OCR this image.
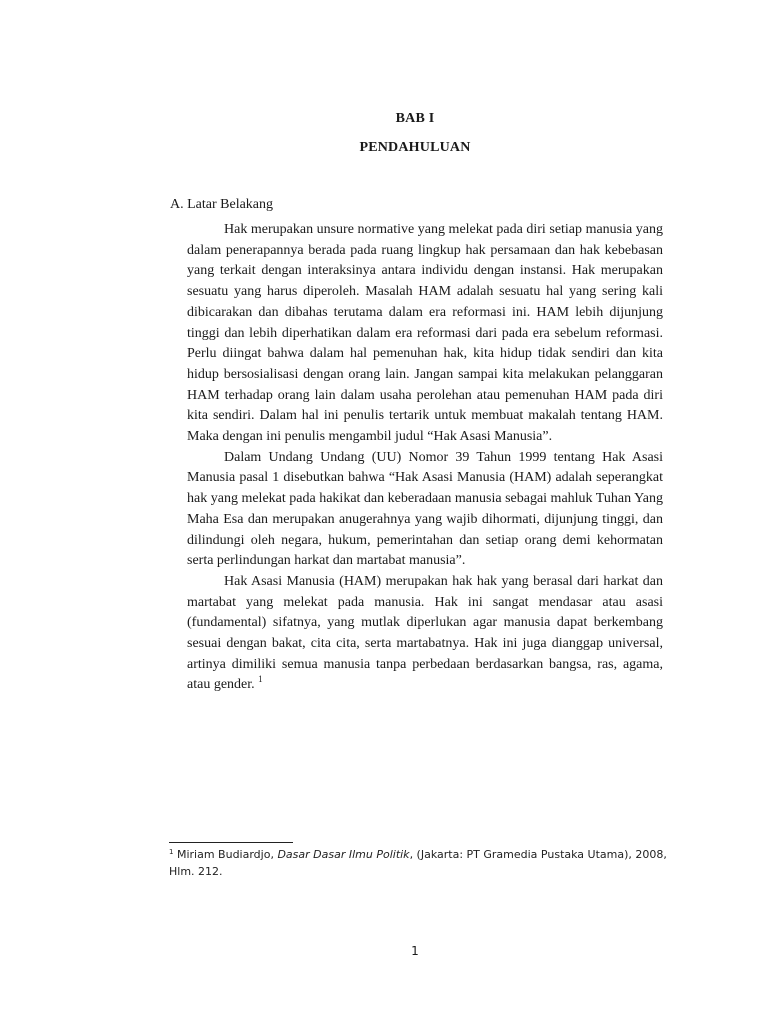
BAB I
PENDAHULUAN
A. Latar Belakang

Hak merupakan unsure normative yang melekat pada diri setiap manusia yang dalam penerapannya berada pada ruang lingkup hak persamaan dan hak kebebasan yang terkait dengan interaksinya antara individu dengan instansi. Hak merupakan sesuatu yang harus diperoleh. Masalah HAM adalah sesuatu hal yang sering kali dibicarakan dan dibahas terutama dalam era reformasi ini. HAM lebih dijunjung tinggi dan lebih diperhatikan dalam era reformasi dari pada era sebelum reformasi. Perlu diingat bahwa dalam hal pemenuhan hak, kita hidup tidak sendiri dan kita hidup bersosialisasi dengan orang lain. Jangan sampai kita melakukan pelanggaran HAM terhadap orang lain dalam usaha perolehan atau pemenuhan HAM pada diri kita sendiri. Dalam hal ini penulis tertarik untuk membuat makalah tentang HAM. Maka dengan ini penulis mengambil judul “Hak Asasi Manusia”.

Dalam Undang Undang (UU) Nomor 39 Tahun 1999 tentang Hak Asasi Manusia pasal 1 disebutkan bahwa “Hak Asasi Manusia (HAM) adalah seperangkat hak yang melekat pada hakikat dan keberadaan manusia sebagai mahluk Tuhan Yang Maha Esa dan merupakan anugerahnya yang wajib dihormati, dijunjung tinggi, dan dilindungi oleh negara, hukum, pemerintahan dan setiap orang demi kehormatan serta perlindungan harkat dan martabat manusia”.

Hak Asasi Manusia (HAM) merupakan hak hak yang berasal dari harkat dan martabat yang melekat pada manusia. Hak ini sangat mendasar atau asasi (fundamental) sifatnya, yang mutlak diperlukan agar manusia dapat berkembang sesuai dengan bakat, cita cita, serta martabatnya. Hak ini juga dianggap universal, artinya dimiliki semua manusia tanpa perbedaan berdasarkan bangsa, ras, agama, atau gender. $^1$

$^1$ Miriam Budiardjo, Dasar Dasar Ilmu Politik, (Jakarta: PT Gramedia Pustaka Utama), 2008, Hlm. 212.
1
